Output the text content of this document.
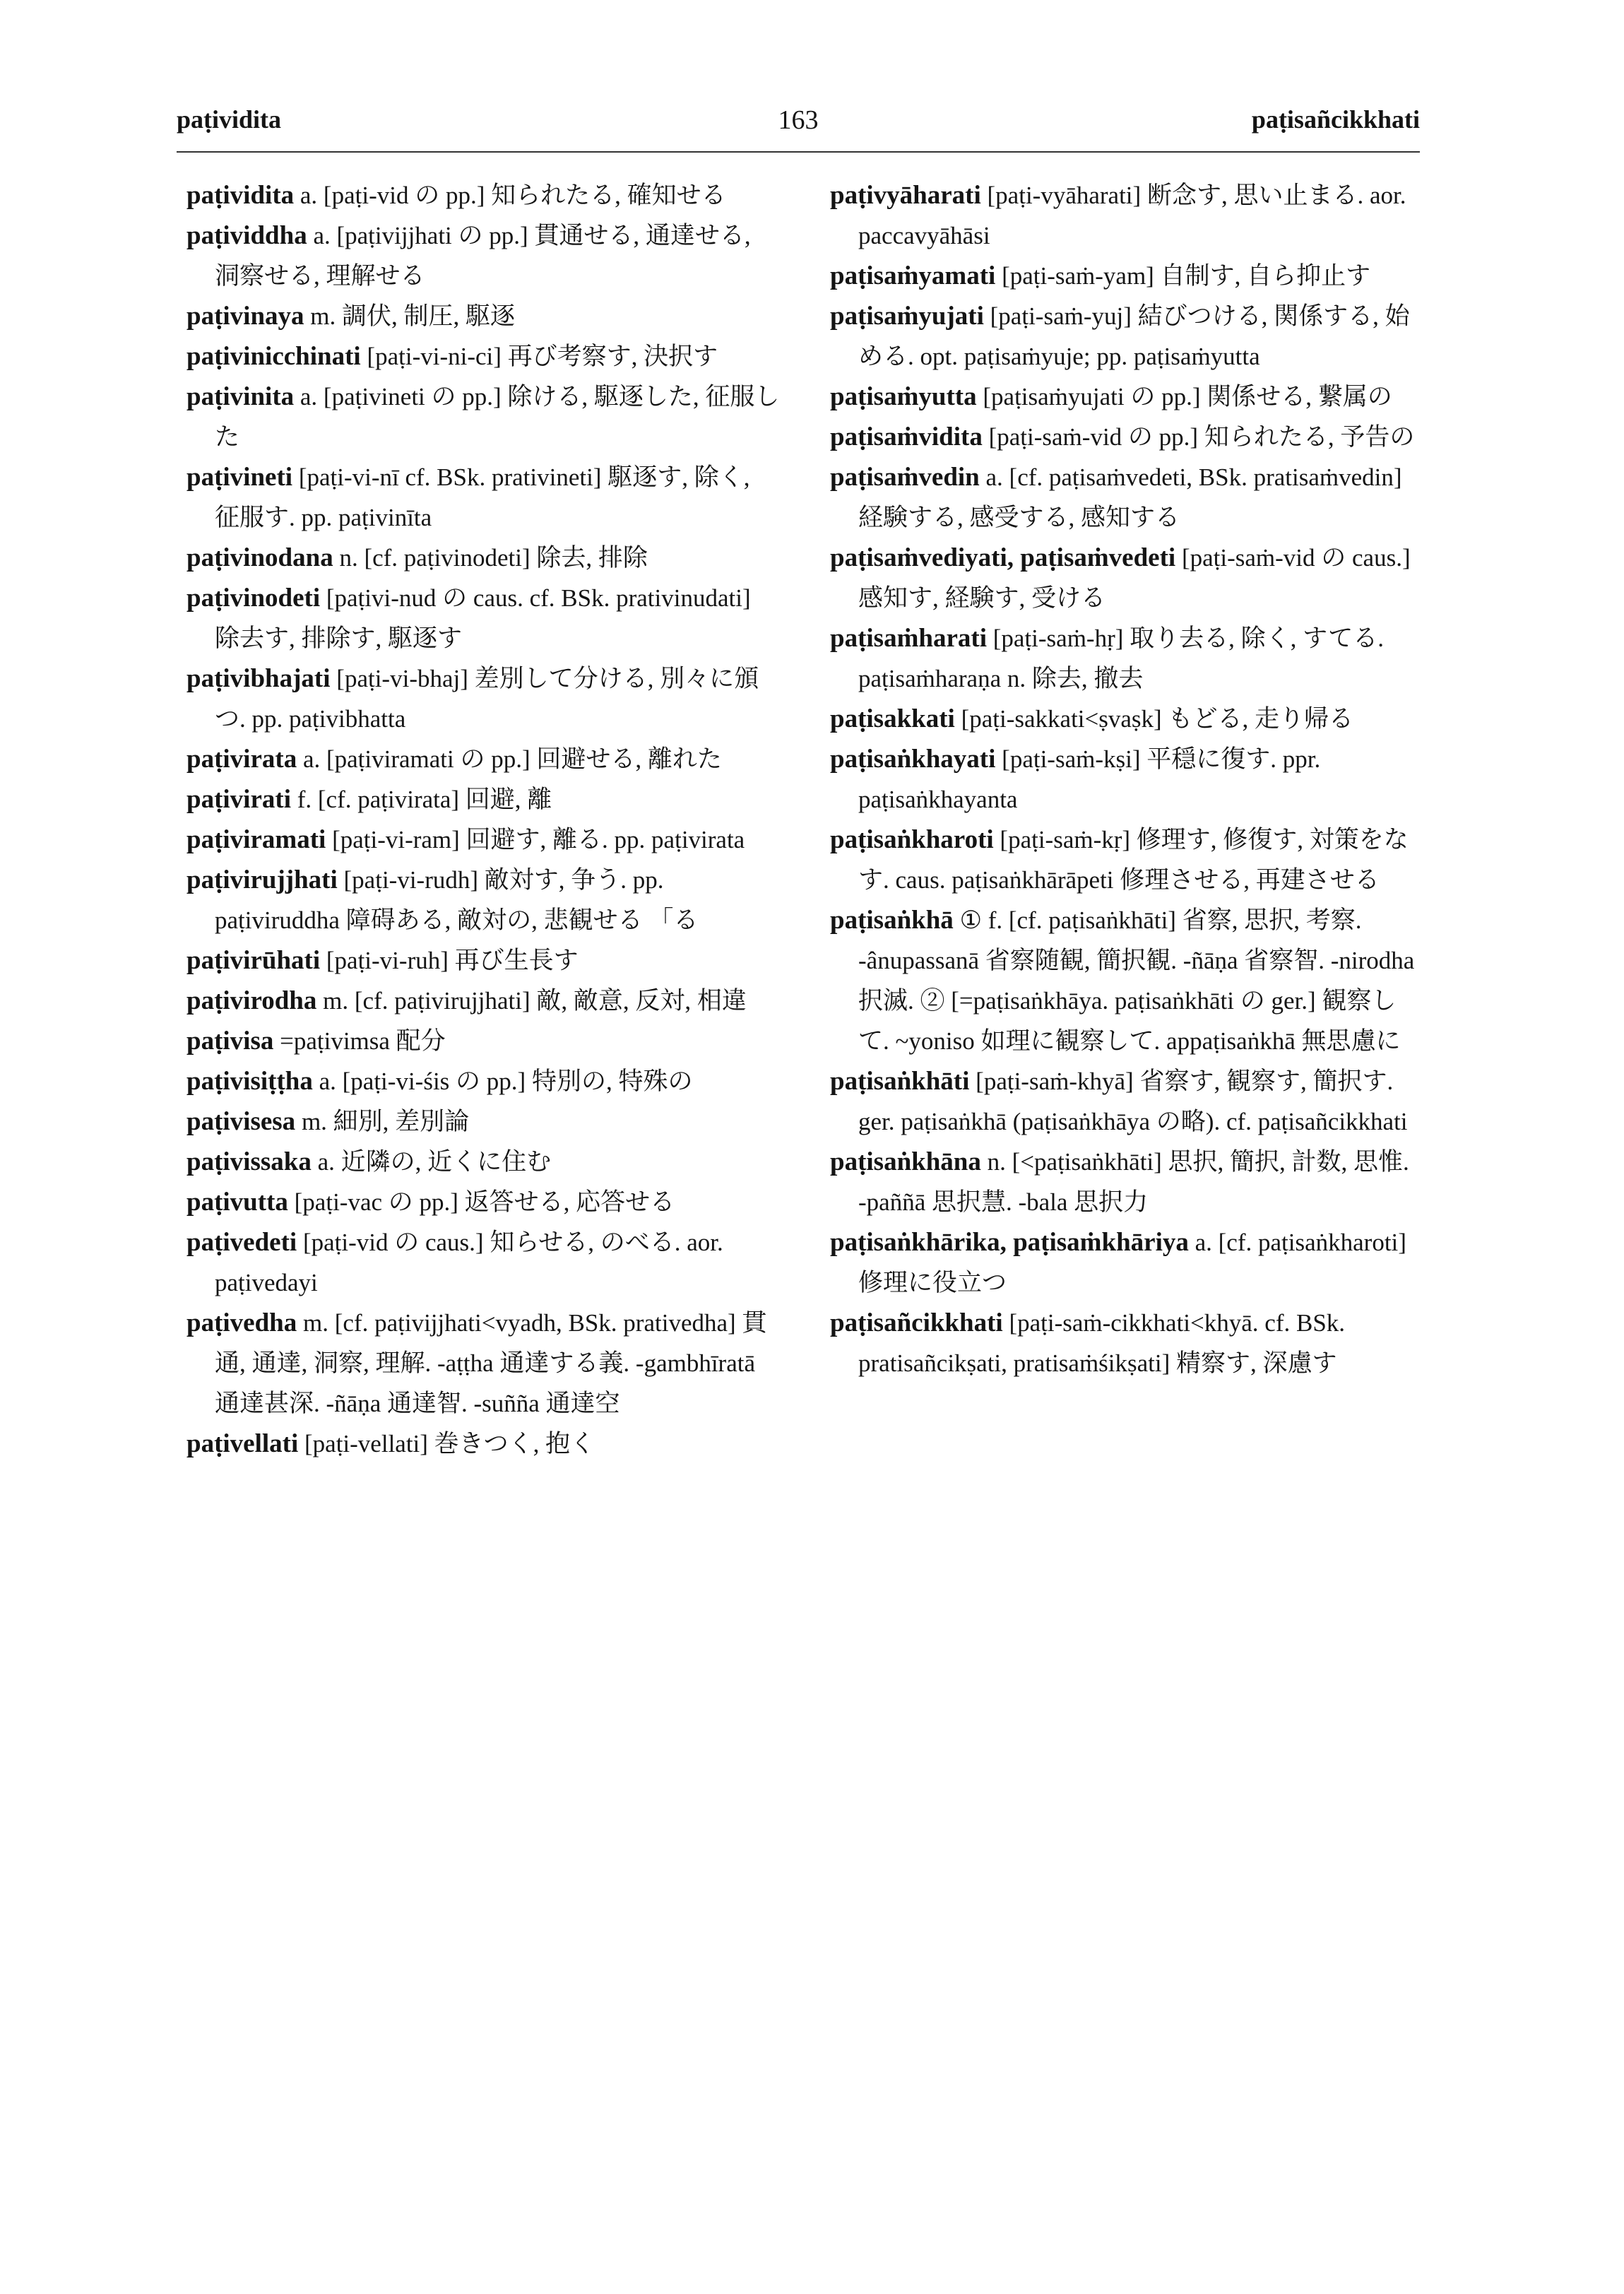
paṭividita	163	paṭisañcikkhati

paṭividita a. [paṭi-vid の pp.] 知られたる, 確知せる

paṭividdha a. [paṭivijjhati の pp.] 貫通せる, 通達せる, 洞察せる, 理解せる

paṭivinaya m. 調伏, 制圧, 駆逐

paṭivinicchinati [paṭi-vi-ni-ci] 再び考察す, 決択す

paṭivinita a. [paṭivineti の pp.] 除ける, 駆逐した, 征服した

paṭivineti [paṭi-vi-nī cf. BSk. prativineti] 駆逐す, 除く, 征服す. pp. paṭivinīta

paṭivinodana n. [cf. paṭivinodeti] 除去, 排除

paṭivinodeti [paṭivi-nud の caus. cf. BSk. prativinudati] 除去す, 排除す, 駆逐す

paṭivibhajati [paṭi-vi-bhaj] 差別して分ける, 別々に頒つ. pp. paṭivibhatta

paṭivirata a. [paṭiviramati の pp.] 回避せる, 離れた

paṭivirati f. [cf. paṭivirata] 回避, 離

paṭiviramati [paṭi-vi-ram] 回避す, 離る. pp. paṭivirata

paṭivirujjhati [paṭi-vi-rudh] 敵対す, 争う. pp. paṭiviruddha 障碍ある, 敵対の, 悲観せる 「る

paṭivirūhati [paṭi-vi-ruh] 再び生長す

paṭivirodha m. [cf. paṭivirujjhati] 敵, 敵意, 反対, 相違

paṭivisa =paṭivimsa 配分

paṭivisiṭṭha a. [paṭi-vi-śis の pp.] 特別の, 特殊の

paṭivisesa m. 細別, 差別論

paṭivissaka a. 近隣の, 近くに住む

paṭivutta [paṭi-vac の pp.] 返答せる, 応答せる

paṭivedeti [paṭi-vid の caus.] 知らせる, のべる. aor. paṭivedayi

paṭivedha m. [cf. paṭivijjhati<vyadh, BSk. prativedha] 貫通, 通達, 洞察, 理解. -aṭṭha 通達する義. -gambhīratā 通達甚深. -ñāṇa 通達智. -suñña 通達空

paṭivellati [paṭi-vellati] 巻きつく, 抱く

paṭivyāharati [paṭi-vyāharati] 断念す, 思い止まる. aor. paccavyāhāsi

paṭisaṁyamati [paṭi-saṁ-yam] 自制す, 自ら抑止す

paṭisaṁyujati [paṭi-saṁ-yuj] 結びつける, 関係する, 始める. opt. paṭisaṁyuje; pp. paṭisaṁyutta

paṭisaṁyutta [paṭisaṁyujati の pp.] 関係せる, 繋属の

paṭisaṁvidita [paṭi-saṁ-vid の pp.] 知られたる, 予告の

paṭisaṁvedin a. [cf. paṭisaṁvedeti, BSk. pratisaṁvedin] 経験する, 感受する, 感知する

paṭisaṁvediyati, paṭisaṁvedeti [paṭi-saṁ-vid の caus.] 感知す, 経験す, 受ける

paṭisaṁharati [paṭi-saṁ-hṛ] 取り去る, 除く, すてる. paṭisaṁharaṇa n. 除去, 撤去

paṭisakkati [paṭi-sakkati<ṣvaṣk] もどる, 走り帰る

paṭisaṅkhayati [paṭi-saṁ-kṣi] 平穏に復す. ppr. paṭisaṅkhayanta

paṭisaṅkharoti [paṭi-saṁ-kṛ] 修理す, 修復す, 対策をなす. caus. paṭisaṅkhārāpeti 修理させる, 再建させる

paṭisaṅkhā ① f. [cf. paṭisaṅkhāti] 省察, 思択, 考察. -ânupassanā 省察随観, 簡択観. -ñāṇa 省察智. -nirodha 択滅. ② [=paṭisaṅkhāya. paṭisaṅkhāti の ger.] 観察して. ~yoniso 如理に観察して. appaṭisaṅkhā 無思慮に

paṭisaṅkhāti [paṭi-saṁ-khyā] 省察す, 観察す, 簡択す. ger. paṭisaṅkhā (paṭisaṅkhāya の略). cf. paṭisañcikkhati

paṭisaṅkhāna n. [<paṭisaṅkhāti] 思択, 簡択, 計数, 思惟. -paññā 思択慧. -bala 思択力

paṭisaṅkhārika, paṭisaṁkhāriya a. [cf. paṭisaṅkharoti] 修理に役立つ

paṭisañcikkhati [paṭi-saṁ-cikkhati<khyā. cf. BSk. pratisañcikṣati, pratisaṁśikṣati] 精察す, 深慮す
